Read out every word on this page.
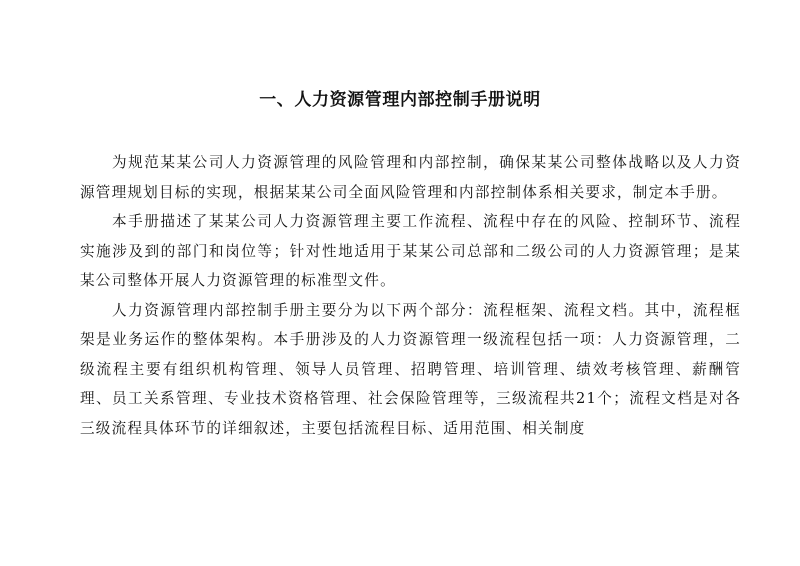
一、人力资源管理内部控制手册说明

为规范某某公司人力资源管理的风险管理和内部控制，确保某某公司整体战略以及人力资源管理规划目标的实现，根据某某公司全面风险管理和内部控制体系相关要求，制定本手册。

本手册描述了某某公司人力资源管理主要工作流程、流程中存在的风险、控制环节、流程实施涉及到的部门和岗位等；针对性地适用于某某公司总部和二级公司的人力资源管理；是某某公司整体开展人力资源管理的标准型文件。

人力资源管理内部控制手册主要分为以下两个部分：流程框架、流程文档。其中，流程框架是业务运作的整体架构。本手册涉及的人力资源管理一级流程包括一项：人力资源管理，二级流程主要有组织机构管理、领导人员管理、招聘管理、培训管理、绩效考核管理、薪酬管理、员工关系管理、专业技术资格管理、社会保险管理等，三级流程共21个；流程文档是对各三级流程具体环节的详细叙述，主要包括流程目标、适用范围、相关制度
